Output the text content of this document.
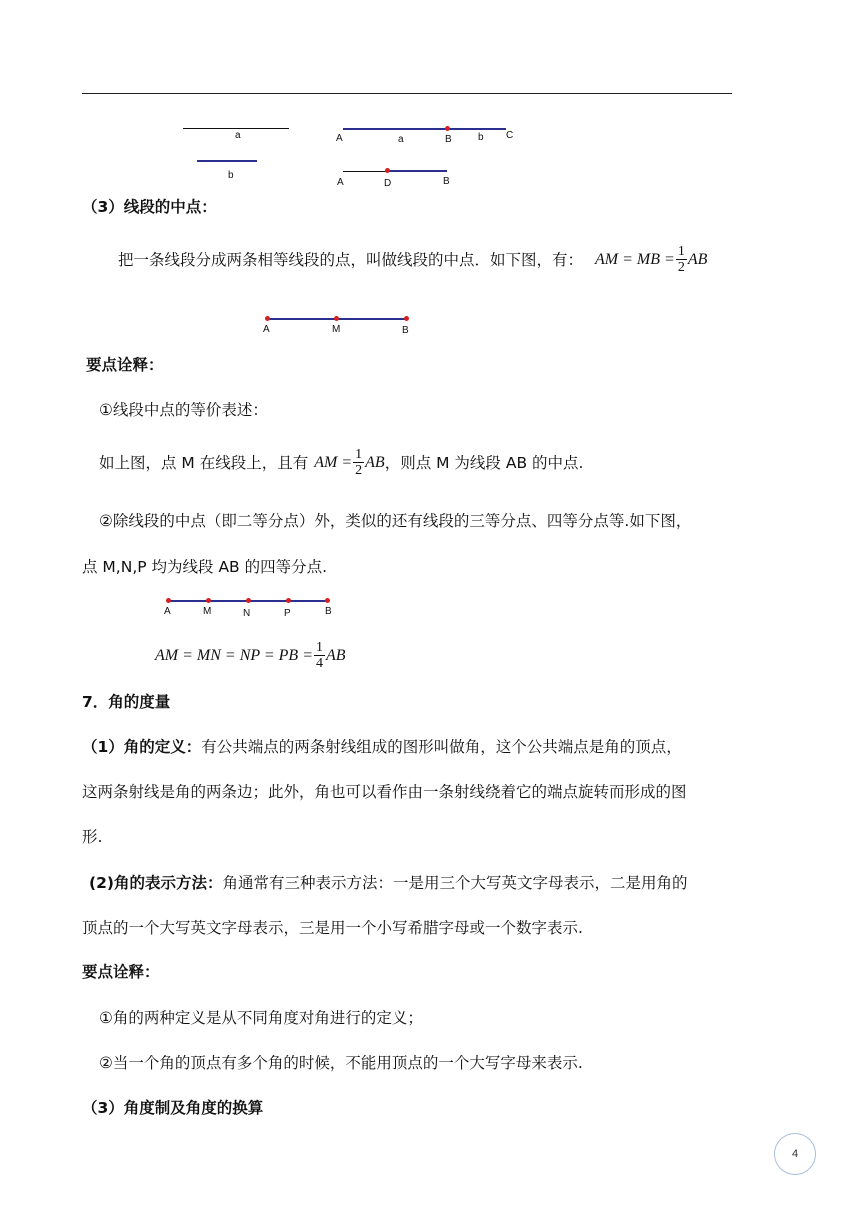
a
b
A	a	B	b C
A	D	B
（3）线段的中点：
把一条线段分成两条相等线段的点，叫做线段的中点．如下图，有： AM = MB = $\frac{1}{2}$ AB
A	M	B
要点诠释：
①线段中点的等价表述：
如上图，点 M 在线段上，且有 AM = $\frac{1}{2}$ AB ，则点 M 为线段 AB 的中点.
②除线段的中点（即二等分点）外，类似的还有线段的三等分点、四等分点等.如下图，
点 M,N,P 均为线段 AB 的四等分点.
A	M	N	P	B
AM = MN = NP = PB = $\frac{1}{4}$ AB
7．角的度量
（1）角的定义：有公共端点的两条射线组成的图形叫做角，这个公共端点是角的顶点，
这两条射线是角的两条边；此外，角也可以看作由一条射线绕着它的端点旋转而形成的图
形.
(2)角的表示方法：角通常有三种表示方法：一是用三个大写英文字母表示，二是用角的
顶点的一个大写英文字母表示，三是用一个小写希腊字母或一个数字表示.
要点诠释：
①角的两种定义是从不同角度对角进行的定义；
②当一个角的顶点有多个角的时候，不能用顶点的一个大写字母来表示.
（3）角度制及角度的换算
4
